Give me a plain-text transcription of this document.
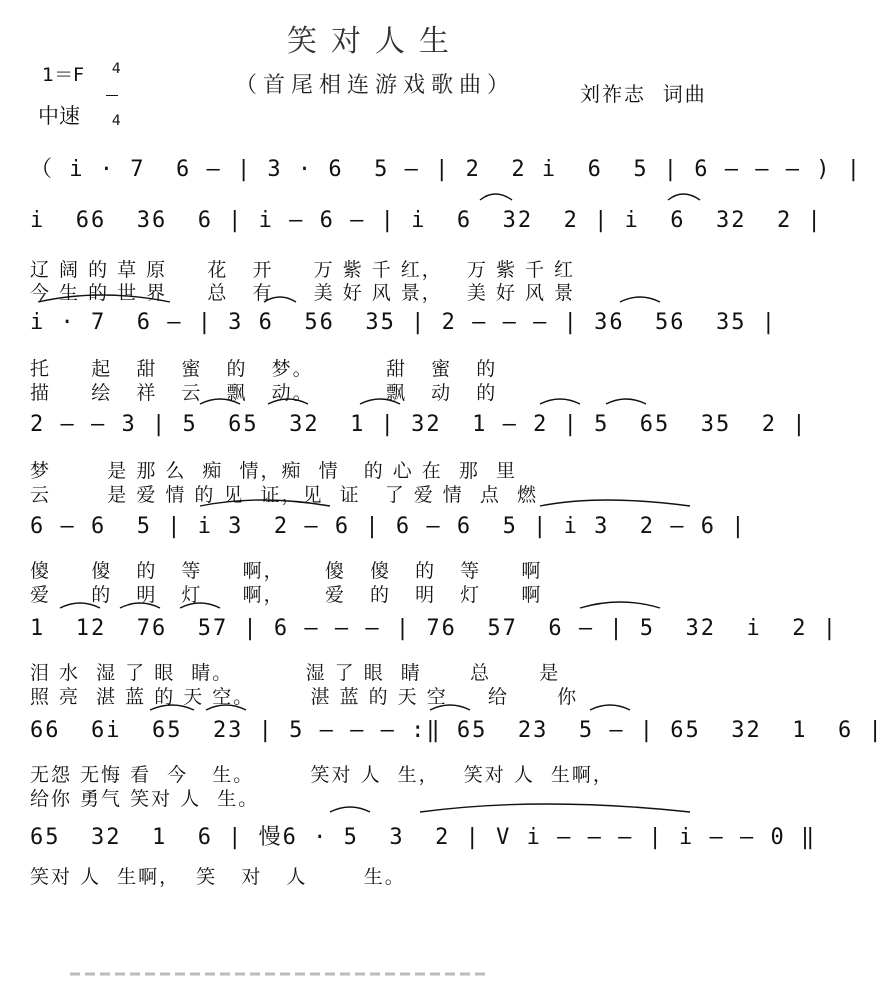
笑对人生
（首尾相连游戏歌曲）
1＝F	4

4

中速
刘祚志  词曲
（ i · 7  6 — | 3 · 6  5 — | 2  2 i  6  5 | 6 — — — ) |
i  66  36  6 | i — 6 — | i  6  32  2 | i  6  32  2 |
i · 7  6 — | 3 6  56  35 | 2 — — — | 36  56  35 |
2 — — 3 | 5  65  32  1 | 32  1 — 2 | 5  65  35  2 |
6 — 6  5 | i 3  2 — 6 | 6 — 6  5 | i 3  2 — 6 |
1  12  76  57 | 6 — — — | 76  57  6 — | 5  32  i  2 |
66  6i  65  23 | 5 — — — :‖ 65  23  5 — | 65  32  1  6 |
65  32  1  6 | 慢6 · 5  3  2 | V i — — — | i — — 0 ‖
辽 阔 的 草 原     花   开     万 紫 千 红，   万 紫 千 红
今 生 的 世 界     总   有     美 好 风 景，   美 好 风 景
托     起   甜   蜜   的   梦。         甜   蜜   的
描     绘   祥   云   飘   动。         飘   动   的
梦       是 那 么  痴  情，痴  情   的 心 在  那  里
云       是 爱 情 的 见  证，见  证   了 爱 情  点  燃
傻     傻   的   等     啊，     傻   傻   的   等     啊
爱     的   明   灯     啊，     爱   的   明   灯     啊
泪 水  湿 了 眼  睛。         湿 了 眼  睛      总      是
照 亮  湛 蓝 的 天 空。       湛 蓝 的 天 空     给      你
无怨 无悔 看  今   生。       笑对 人  生，   笑对 人  生啊，
给你 勇气 笑对 人  生。
笑对 人  生啊，  笑   对   人       生。
